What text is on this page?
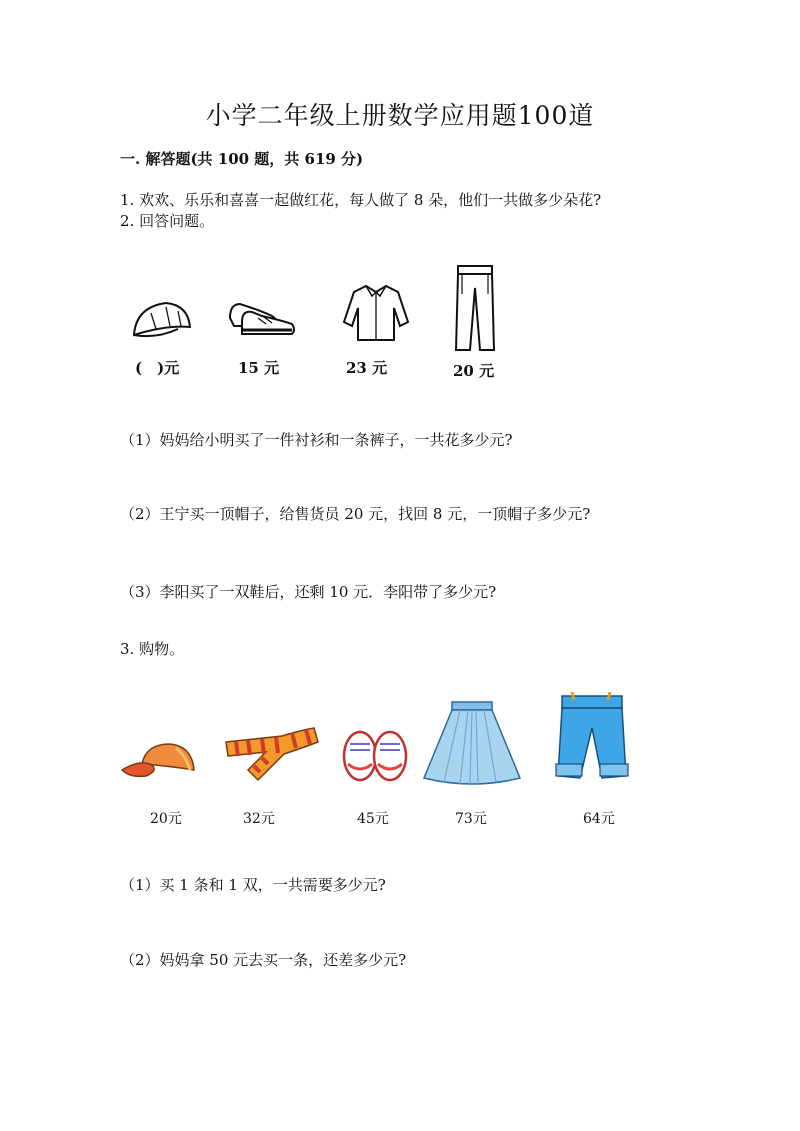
小学二年级上册数学应用题100道
一. 解答题(共 100 题，共 619 分)
1. 欢欢、乐乐和喜喜一起做红花，每人做了 8 朵，他们一共做多少朵花?
2. 回答问题。
(　)元	15 元	23 元	20 元
（1）妈妈给小明买了一件衬衫和一条裤子，一共花多少元?
（2）王宁买一顶帽子，给售货员 20 元，找回 8 元，一顶帽子多少元?
（3）李阳买了一双鞋后，还剩 10 元．李阳带了多少元?
3. 购物。
20元	32元	45元	73元	64元
（1）买 1 条和 1 双，一共需要多少元?
（2）妈妈拿 50 元去买一条，还差多少元?
